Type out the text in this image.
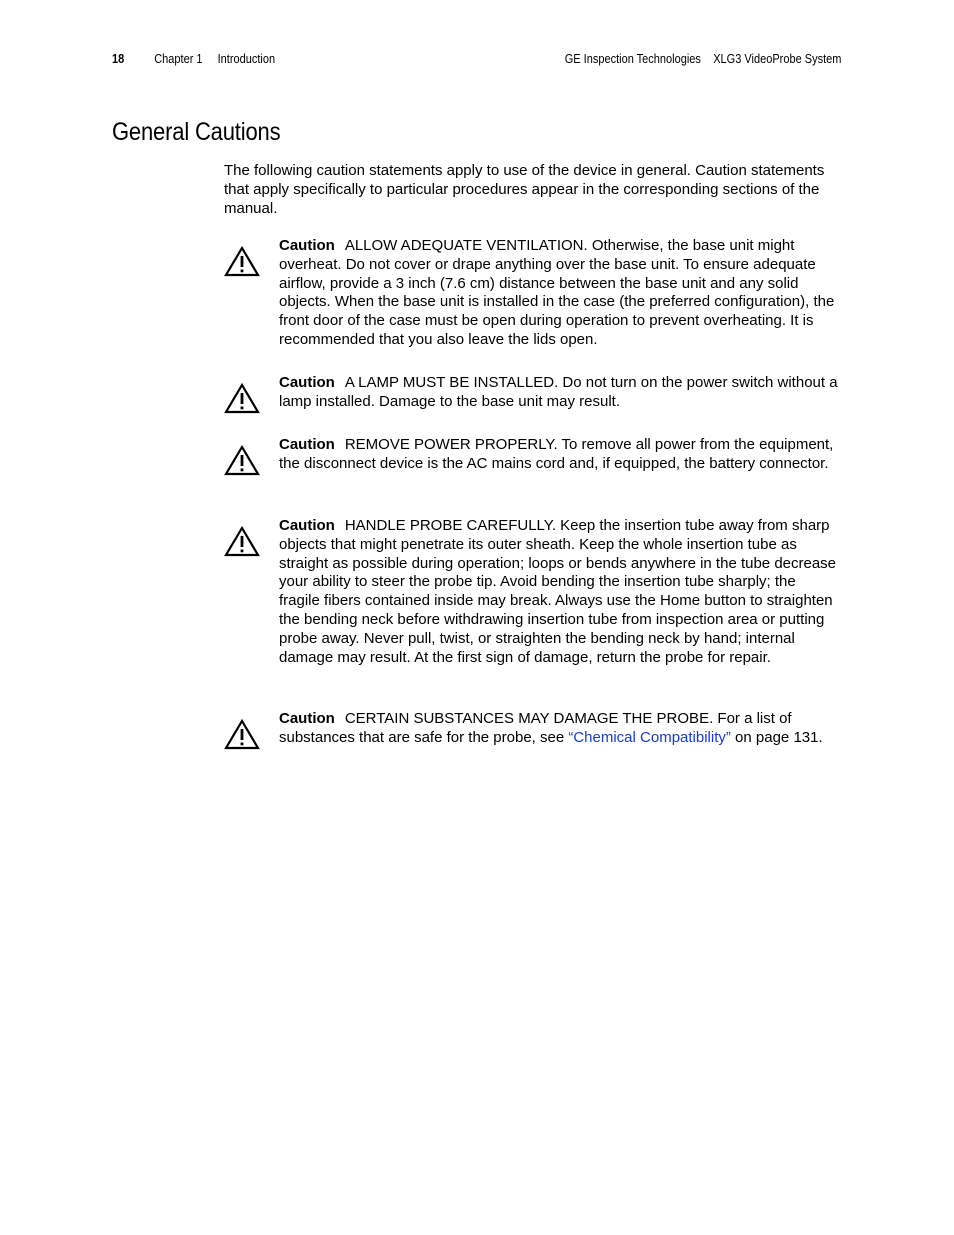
18 Chapter 1 Introduction	GE Inspection Technologies XLG3 VideoProbe System
General Cautions

The following caution statements apply to use of the device in general. Caution statements that apply specifically to particular procedures appear in the corresponding sections of the manual.

Caution ALLOW ADEQUATE VENTILATION. Otherwise, the base unit might overheat. Do not cover or drape anything over the base unit. To ensure adequate airflow, provide a 3 inch (7.6 cm) distance between the base unit and any solid objects. When the base unit is installed in the case (the preferred configuration), the front door of the case must be open during operation to prevent overheating. It is recommended that you also leave the lids open.
Caution A LAMP MUST BE INSTALLED. Do not turn on the power switch without a lamp installed. Damage to the base unit may result.
Caution REMOVE POWER PROPERLY. To remove all power from the equipment, the disconnect device is the AC mains cord and, if equipped, the battery connector.
Caution HANDLE PROBE CAREFULLY. Keep the insertion tube away from sharp objects that might penetrate its outer sheath. Keep the whole insertion tube as straight as possible during operation; loops or bends anywhere in the tube decrease your ability to steer the probe tip. Avoid bending the insertion tube sharply; the fragile fibers contained inside may break. Always use the Home button to straighten the bending neck before withdrawing insertion tube from inspection area or putting probe away. Never pull, twist, or straighten the bending neck by hand; internal damage may result. At the first sign of damage, return the probe for repair.
Caution CERTAIN SUBSTANCES MAY DAMAGE THE PROBE. For a list of substances that are safe for the probe, see “Chemical Compatibility” on page 131.
